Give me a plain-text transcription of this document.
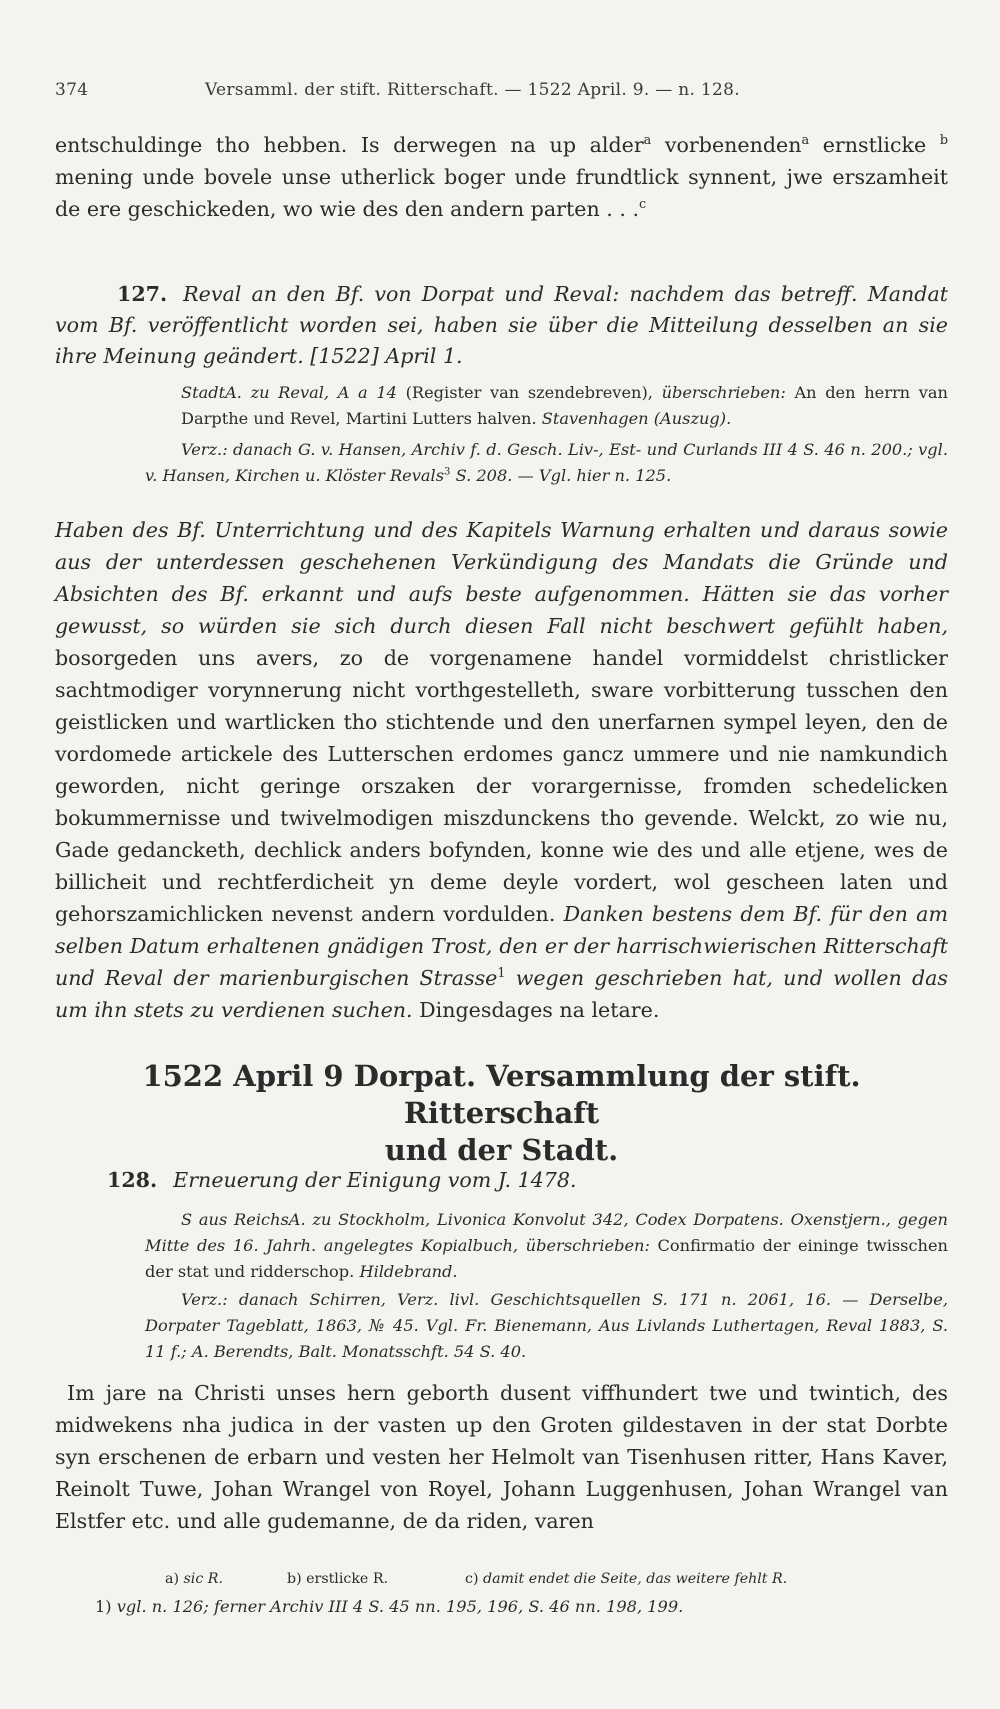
374	Versamml. der stift. Ritterschaft. — 1522 April. 9. — n. 128.

entschuldinge tho hebben. Is derwegen na up alder$^a$ vorbenenden$^a$ ernstlicke $^b$ mening unde bovele unse utherlick boger unde frundtlick synnent, jwe erszamheit de ere geschickeden, wo wie des den andern parten . . .$^c$

127. Reval an den Bf. von Dorpat und Reval: nachdem das betreff. Mandat vom Bf. veröffentlicht worden sei, haben sie über die Mitteilung desselben an sie ihre Meinung geändert. [1522] April 1.

StadtA. zu Reval, A a 14 (Register van szendebreven), überschrieben: An den herrn van Darpthe und Revel, Martini Lutters halven. Stavenhagen (Auszug).

Verz.: danach G. v. Hansen, Archiv f. d. Gesch. Liv-, Est- und Curlands III 4 S. 46 n. 200.; vgl. v. Hansen, Kirchen u. Klöster Revals$^3$ S. 208. — Vgl. hier n. 125.

Haben des Bf. Unterrichtung und des Kapitels Warnung erhalten und daraus sowie aus der unterdessen geschehenen Verkündigung des Mandats die Gründe und Absichten des Bf. erkannt und aufs beste aufgenommen. Hätten sie das vorher gewusst, so würden sie sich durch diesen Fall nicht beschwert gefühlt haben, bosorgeden uns avers, zo de vorgenamene handel vormiddelst christlicker sachtmodiger vorynnerung nicht vorthgestelleth, sware vorbitterung tusschen den geistlicken und wartlicken tho stichtende und den unerfarnen sympel leyen, den de vordomede artickele des Lutterschen erdomes gancz ummere und nie namkundich geworden, nicht geringe orszaken der vorargernisse, fromden schedelicken bokummernisse und twivelmodigen miszdunckens tho gevende. Welckt, zo wie nu, Gade gedancketh, dechlick anders bofynden, konne wie des und alle etjene, wes de billicheit und rechtferdicheit yn deme deyle vordert, wol gescheen laten und gehorszamichlicken nevenst andern vordulden. Danken bestens dem Bf. für den am selben Datum erhaltenen gnädigen Trost, den er der harrischwierischen Ritterschaft und Reval der marienburgischen Strasse$^1$ wegen geschrieben hat, und wollen das um ihn stets zu verdienen suchen. Dingesdages na letare.

1522 April 9 Dorpat. Versammlung der stift. Ritterschaft
und der Stadt.

128. Erneuerung der Einigung vom J. 1478.

S aus ReichsA. zu Stockholm, Livonica Konvolut 342, Codex Dorpatens. Oxenstjern., gegen Mitte des 16. Jahrh. angelegtes Kopialbuch, überschrieben: Confirmatio der eininge twisschen der stat und ridderschop. Hildebrand.

Verz.: danach Schirren, Verz. livl. Geschichtsquellen S. 171 n. 2061, 16. — Derselbe, Dorpater Tageblatt, 1863, № 45. Vgl. Fr. Bienemann, Aus Livlands Luthertagen, Reval 1883, S. 11 f.; A. Berendts, Balt. Monatsschft. 54 S. 40.

Im jare na Christi unses hern geborth dusent viffhundert twe und twintich, des midwekens nha judica in der vasten up den Groten gildestaven in der stat Dorbte syn erschenen de erbarn und vesten her Helmolt van Tisenhusen ritter, Hans Kaver, Reinolt Tuwe, Johan Wrangel von Royel, Johann Luggenhusen, Johan Wrangel van Elstfer etc. und alle gudemanne, de da riden, varen

a) sic R.	b) erstlicke R.	c) damit endet die Seite, das weitere fehlt R.
1) vgl. n. 126; ferner Archiv III 4 S. 45 nn. 195, 196, S. 46 nn. 198, 199.
